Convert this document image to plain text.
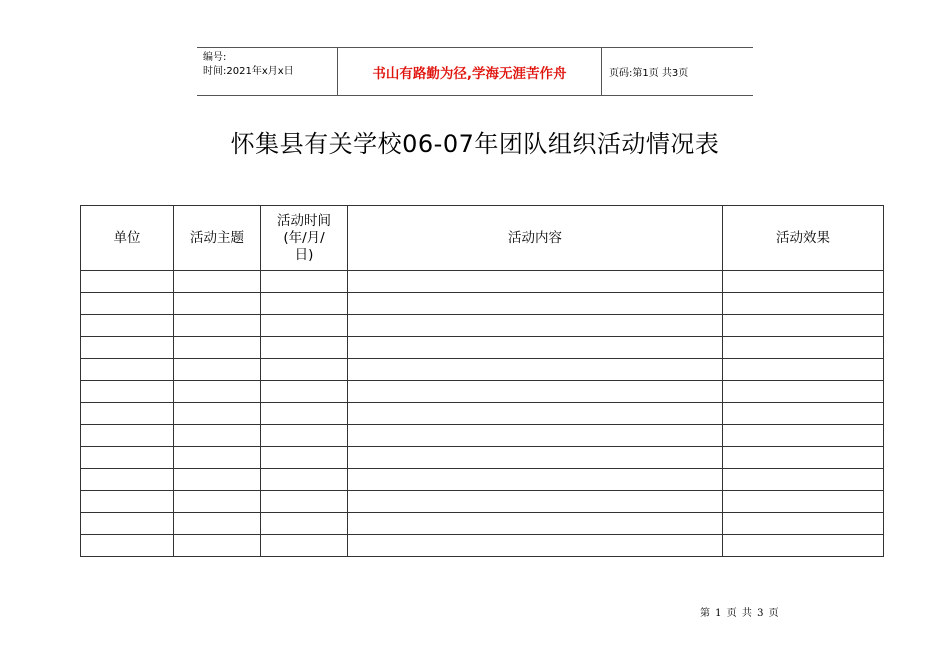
编号:
时间:2021年x月x日	书山有路勤为径,学海无涯苦作舟	页码:第1页 共3页
怀集县有关学校06-07年团队组织活动情况表
单位	活动主题	活动时间
(年/月/
日)	活动内容	活动效果

第 1 页 共 3 页
